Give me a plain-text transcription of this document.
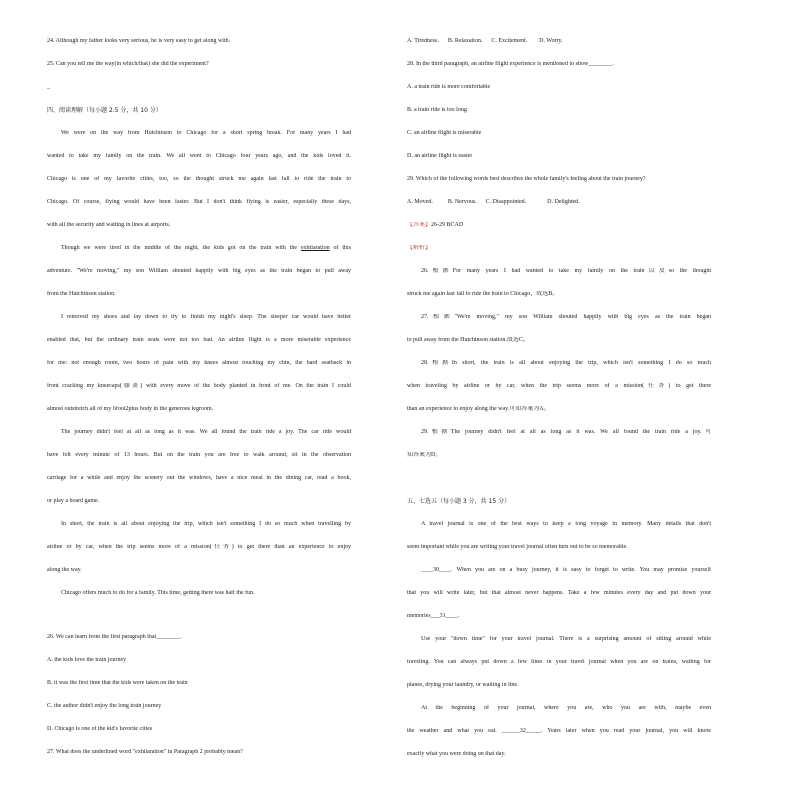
24. Although my father looks very serious, he is very easy to get along with.

25. Can you tell me the way(in which/that) she did the experiment?

_

四、阅读理解（每小题 2.5 分，共 10 分）

We were on the way from Hutchinson to Chicago for a short spring break. For many years I had

wanted to take my family on the train. We all went to Chicago four years ago, and the kids loved it.

Chicago is one of my favorite cities, too, so the thought struck me again last fall to ride the train to

Chicago. Of course, flying would have been faster. But I don't think flying is easier, especially these days,

with all the security and waiting in lines at airports.

Though we were tired in the middle of the night, the kids got on the train with the exhilaration of this

adventure. "We're moving," my son William shouted happily with big eyes as the train began to pull away

from the Hutchinson station.

I removed my shoes and lay down to try to finish my night's sleep. The sleeper car would have better

enabled that, but the ordinary train seats were not too bad. An airline flight is a more miserable experience

for me: not enough room, two hours of pain with my knees almost touching my chin, the hard seatback in

front cracking my kneecaps(膝盖) with every move of the body planted in front of me. On the train I could

almost outstretch all of my 6foot2plus body in the generous legroom.

The journey didn't feel at all as long as it was. We all found the train ride a joy. The car ride would

have felt every minute of 13 hours. But on the train you are free to walk around, sit in the observation

carriage for a while and enjoy the scenery out the windows, have a nice meal in the dining car, read a book,

or play a board game.

In short, the train is all about enjoying the trip, which isn't something I do so much when travelling by

airline or by car, when the trip seems more of a mission(任务) to get there than an experience to enjoy

along the way.

Chicago offers much to do for a family. This time, getting there was half the fun.

26. We can learn from the first paragraph that________.

A. the kids love the train journey

B. it was the first time that the kids were taken on the train

C. the author didn't enjoy the long train journey

D. Chicago is one of the kid's favorite cities

27. What does the underlined word "exhilaration" in Paragraph 2 probably mean?

A. Tiredness.      B. Relaxation.      C. Excitement.        D. Worry.

28. In the third paragraph, an airline flight experience is mentioned to show________.

A. a train ride is more comfortable

B. a train ride is too long

C. an airline flight is miserable

D. an airline flight is easier

29. Which of the following words best describes the whole family's feeling about the train journey?

A. Moved.          B. Nervous.      C. Disappointed.              D. Delighted.

【答案】26-29 BCAD

【解析】

26.根据For many years I had wanted to take my family on the train以及so the thought

struck me again last fall to ride the train to Chicago，故选B。

27.根据"We're moving," my son William shouted happily with big eyes as the train began

to pull away from the Hutchinson station.故选C。

28.根据In short, the train is all about enjoying the trip, which isn't something I do so much

when traveling by airline or by car, when the trip seems more of a mission(任务) to get there

than an experience to enjoy along the way.可知答案为A。

29.根据The journey didn't feel at all as long as it was. We all found the train ride a joy.可

知答案为D。

五、七选五（每小题 3 分，共 15 分）

A travel journal is one of the best ways to keep a long voyage in memory. Many details that don't

seem important while you are writing your travel journal often turn out to be so memorable.

____30____. When you are on a busy journey, it is easy to forget to write. You may promise yourself

that you will write later, but that almost never happens. Take a few minutes every day and put down your

memories___31____.

Use your "down time" for your travel journal. There is a surprising amount of sitting around while

traveling. You can always put down a few lines in your travel journal when you are on trains, waiting for

planes, drying your laundry, or waiting in line.

At the beginning of your journal, where you are, who you are with, maybe even

the weather and what you eat. ______32_____. Years later when you read your journal, you will know

exactly what you were doing on that day.
